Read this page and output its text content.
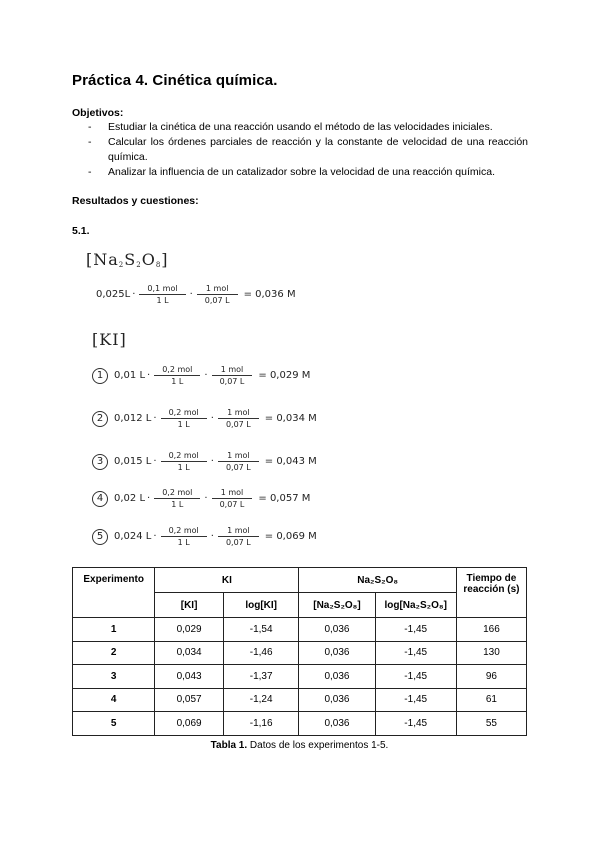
Práctica 4. Cinética química.
Objetivos:
- Estudiar la cinética de una reacción usando el método de las velocidades iniciales.
- Calcular los órdenes parciales de reacción y la constante de velocidad de una reacción química.
- Analizar la influencia de un catalizador sobre la velocidad de una reacción química.
Resultados y cuestiones:
5.1.
$[Na_2S_2O_8]$
$0,025L \cdot \frac{\text{0,1 mol}}{1 L} \cdot \frac{\text{1 mol}}{0,07 L}$	= 0,036 M
[KI]
1	0,01 $L \cdot \frac{\text{0,2 mol}}{1 L} \cdot \frac{\text{1 mol}}{0,07 L}$	= 0,029 M
2	0,012 $L \cdot \frac{\text{0,2 mol}}{1 L} \cdot \frac{\text{1 mol}}{0,07 L}$	= 0,034 M
3	0,015 $L \cdot \frac{\text{0,2 mol}}{1 L} \cdot \frac{\text{1 mol}}{0,07 L}$	= 0,043 M
4	0,02 $L \cdot \frac{\text{0,2 mol}}{1 L} \cdot \frac{\text{1 mol}}{0,07 L}$	= 0,057 M
5	0,024 $L \cdot \frac{\text{0,2 mol}}{1 L} \cdot \frac{\text{1 mol}}{0,07 L}$	= 0,069 M
Experimento	KI		Na₂S₂O₈		Tiempo de reacción (s)
	[KI]	log[KI]	[Na₂S₂O₈]	log[Na₂S₂O₈]	
1	0,029	-1,54	0,036	-1,45	166
2	0,034	-1,46	0,036	-1,45	130
3	0,043	-1,37	0,036	-1,45	96
4	0,057	-1,24	0,036	-1,45	61
5	0,069	-1,16	0,036	-1,45	55
Tabla 1. Datos de los experimentos 1-5.
